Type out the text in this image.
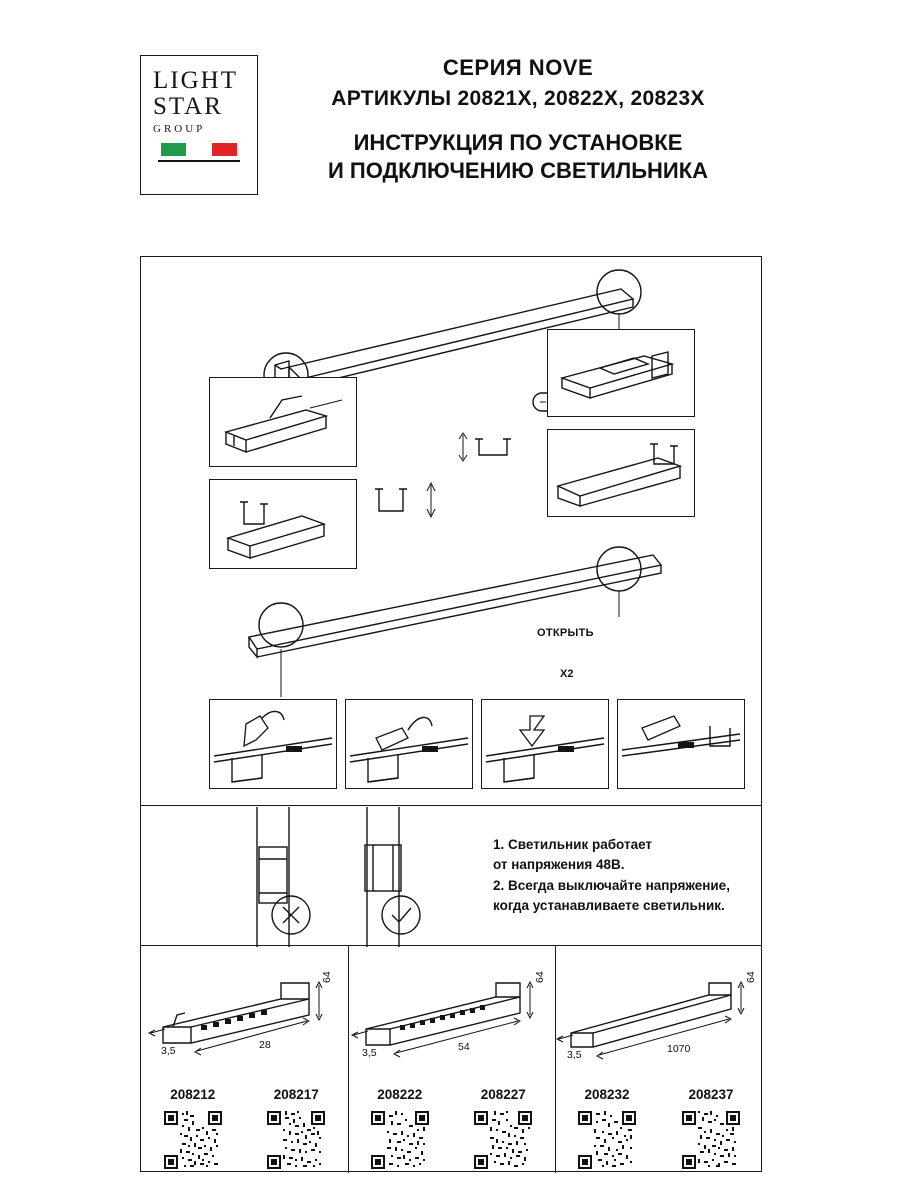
LIGHT
STAR
GROUP
СЕРИЯ NOVE
АРТИКУЛЫ 20821X, 20822X, 20823X
ИНСТРУКЦИЯ ПО УСТАНОВКЕ
И ПОДКЛЮЧЕНИЮ СВЕТИЛЬНИКА
1. Светильник работает
от напряжения 48В.
2. Всегда выключайте напряжение,
когда устанавливаете светильник.
64
28
3,5
208212	208217
64
54
3,5
208222	208227
64
1070
3,5
208232	208237
ОТКРЫТЬ
X2
